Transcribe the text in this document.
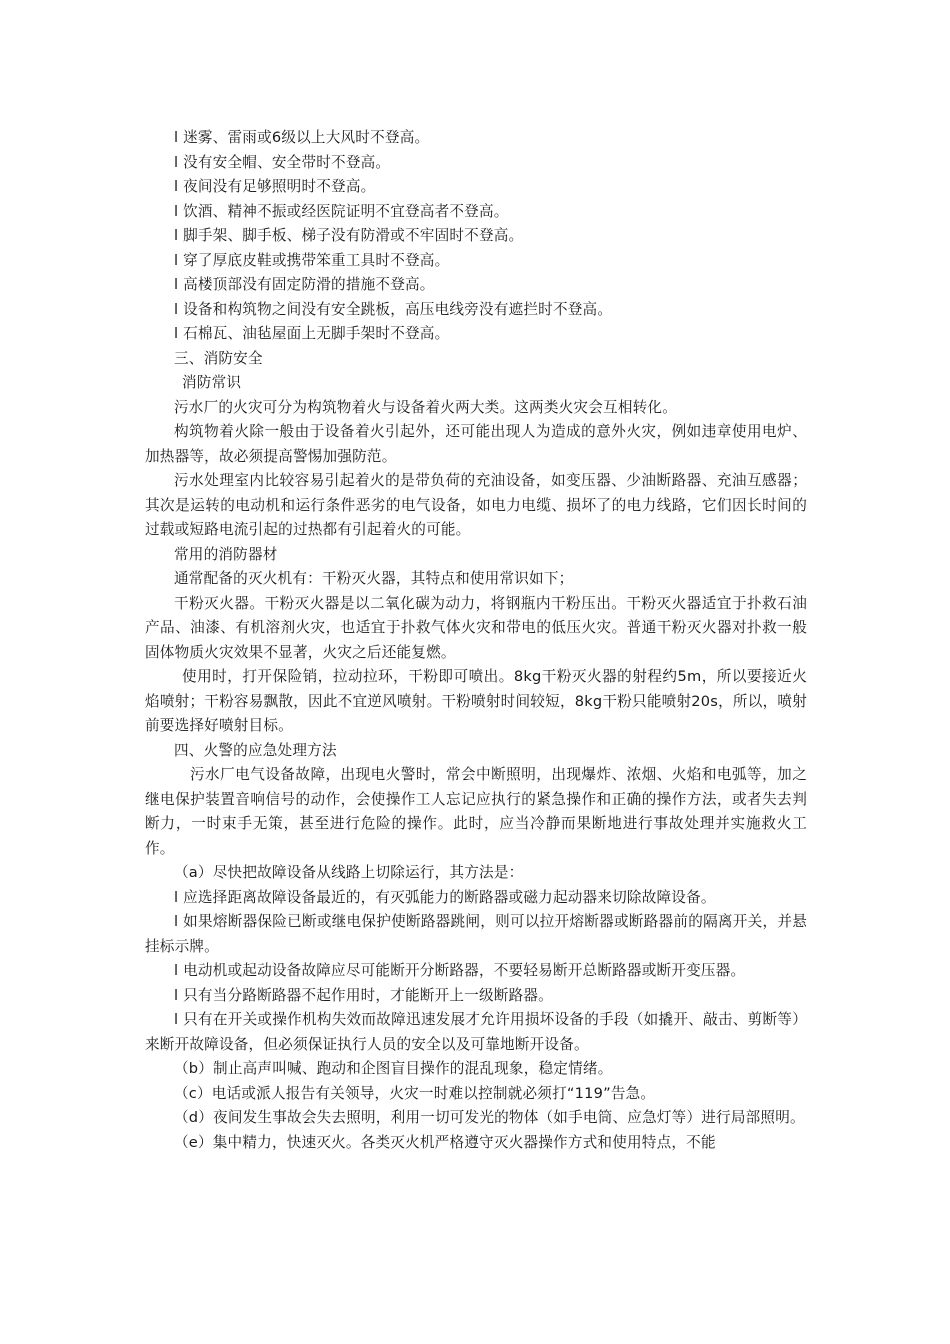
l 迷雾、雷雨或6级以上大风时不登高。

l 没有安全帽、安全带时不登高。

l 夜间没有足够照明时不登高。

l 饮酒、精神不振或经医院证明不宜登高者不登高。

l 脚手架、脚手板、梯子没有防滑或不牢固时不登高。

l 穿了厚底皮鞋或携带笨重工具时不登高。

l 高楼顶部没有固定防滑的措施不登高。

l 设备和构筑物之间没有安全跳板，高压电线旁没有遮拦时不登高。

l 石棉瓦、油毡屋面上无脚手架时不登高。

三、消防安全

消防常识

污水厂的火灾可分为构筑物着火与设备着火两大类。这两类火灾会互相转化。

构筑物着火除一般由于设备着火引起外，还可能出现人为造成的意外火灾，例如违章使用电炉、加热器等，故必须提高警惕加强防范。

污水处理室内比较容易引起着火的是带负荷的充油设备，如变压器、少油断路器、充油互感器；其次是运转的电动机和运行条件恶劣的电气设备，如电力电缆、损坏了的电力线路，它们因长时间的过载或短路电流引起的过热都有引起着火的可能。

常用的消防器材

通常配备的灭火机有：干粉灭火器，其特点和使用常识如下；

干粉灭火器。干粉灭火器是以二氧化碳为动力，将钢瓶内干粉压出。干粉灭火器适宜于扑救石油产品、油漆、有机溶剂火灾，也适宜于扑救气体火灾和带电的低压火灾。普通干粉灭火器对扑救一般固体物质火灾效果不显著，火灾之后还能复燃。

使用时，打开保险销，拉动拉环，干粉即可喷出。8kg干粉灭火器的射程约5m，所以要接近火焰喷射；干粉容易飘散，因此不宜逆风喷射。干粉喷射时间较短，8kg干粉只能喷射20s，所以，喷射前要选择好喷射目标。

四、火警的应急处理方法

污水厂电气设备故障，出现电火警时，常会中断照明，出现爆炸、浓烟、火焰和电弧等，加之继电保护装置音响信号的动作，会使操作工人忘记应执行的紧急操作和正确的操作方法，或者失去判断力，一时束手无策，甚至进行危险的操作。此时，应当冷静而果断地进行事故处理并实施救火工作。

（a）尽快把故障设备从线路上切除运行，其方法是：

l 应选择距离故障设备最近的，有灭弧能力的断路器或磁力起动器来切除故障设备。

l 如果熔断器保险已断或继电保护使断路器跳闸，则可以拉开熔断器或断路器前的隔离开关，并悬挂标示牌。

l 电动机或起动设备故障应尽可能断开分断路器，不要轻易断开总断路器或断开变压器。

l 只有当分路断路器不起作用时，才能断开上一级断路器。

l 只有在开关或操作机构失效而故障迅速发展才允许用损坏设备的手段（如撬开、敲击、剪断等）来断开故障设备，但必须保证执行人员的安全以及可靠地断开设备。

（b）制止高声叫喊、跑动和企图盲目操作的混乱现象，稳定情绪。

（c）电话或派人报告有关领导，火灾一时难以控制就必须打“119”告急。

（d）夜间发生事故会失去照明，利用一切可发光的物体（如手电筒、应急灯等）进行局部照明。

（e）集中精力，快速灭火。各类灭火机严格遵守灭火器操作方式和使用特点，不能
